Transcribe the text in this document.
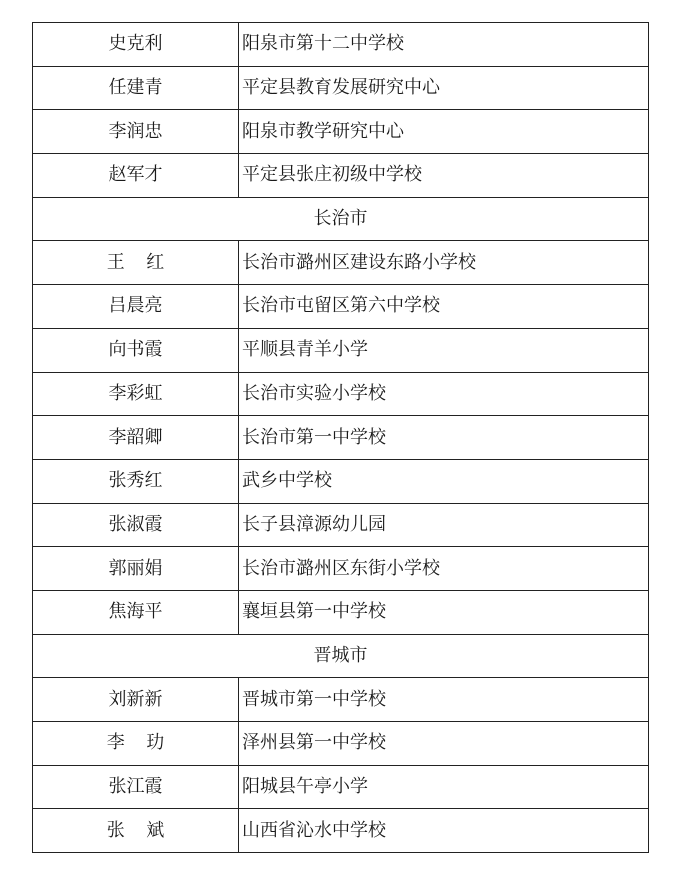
史克利	阳泉市第十二中学校
任建青	平定县教育发展研究中心
李润忠	阳泉市教学研究中心
赵军才	平定县张庄初级中学校
长治市	
王红	长治市潞州区建设东路小学校
吕晨亮	长治市屯留区第六中学校
向书霞	平顺县青羊小学
李彩虹	长治市实验小学校
李韶卿	长治市第一中学校
张秀红	武乡中学校
张淑霞	长子县漳源幼儿园
郭丽娟	长治市潞州区东街小学校
焦海平	襄垣县第一中学校
晋城市	
刘新新	晋城市第一中学校
李玏	泽州县第一中学校
张江霞	阳城县午亭小学
张斌	山西省沁水中学校
